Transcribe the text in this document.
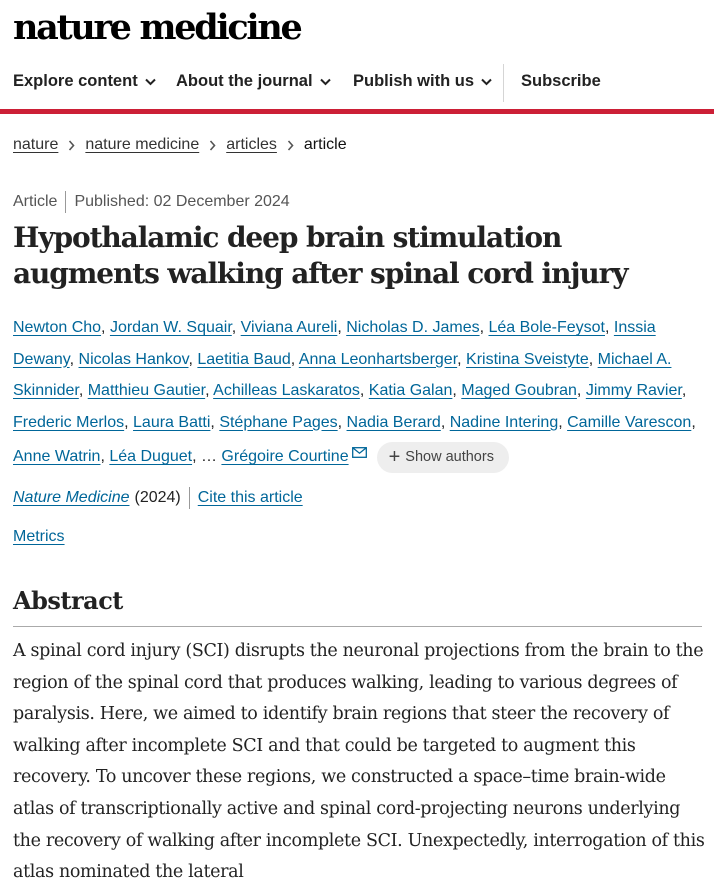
nature medicine
Explore content About the journal Publish with us	Subscribe
nature nature medicine articles article
Article Published: 02 December 2024
Hypothalamic deep brain stimulation augments walking after spinal cord injury
Newton Cho, Jordan W. Squair, Viviana Aureli, Nicholas D. James, Léa Bole-Feysot, Inssia Dewany, Nicolas Hankov, Laetitia Baud, Anna Leonhartsberger, Kristina Sveistyte, Michael A. Skinnider, Matthieu Gautier, Achilleas Laskaratos, Katia Galan, Maged Goubran, Jimmy Ravier, Frederic Merlos, Laura Batti, Stéphane Pages, Nadia Berard, Nadine Intering, Camille Varescon, Anne Watrin, Léa Duguet, … Grégoire Courtine + Show authors
Nature Medicine (2024) Cite this article
Metrics
Abstract

A spinal cord injury (SCI) disrupts the neuronal projections from the brain to the region of the spinal cord that produces walking, leading to various degrees of paralysis. Here, we aimed to identify brain regions that steer the recovery of walking after incomplete SCI and that could be targeted to augment this recovery. To uncover these regions, we constructed a space–time brain-wide atlas of transcriptionally active and spinal cord-projecting neurons underlying the recovery of walking after incomplete SCI. Unexpectedly, interrogation of this atlas nominated the lateral
